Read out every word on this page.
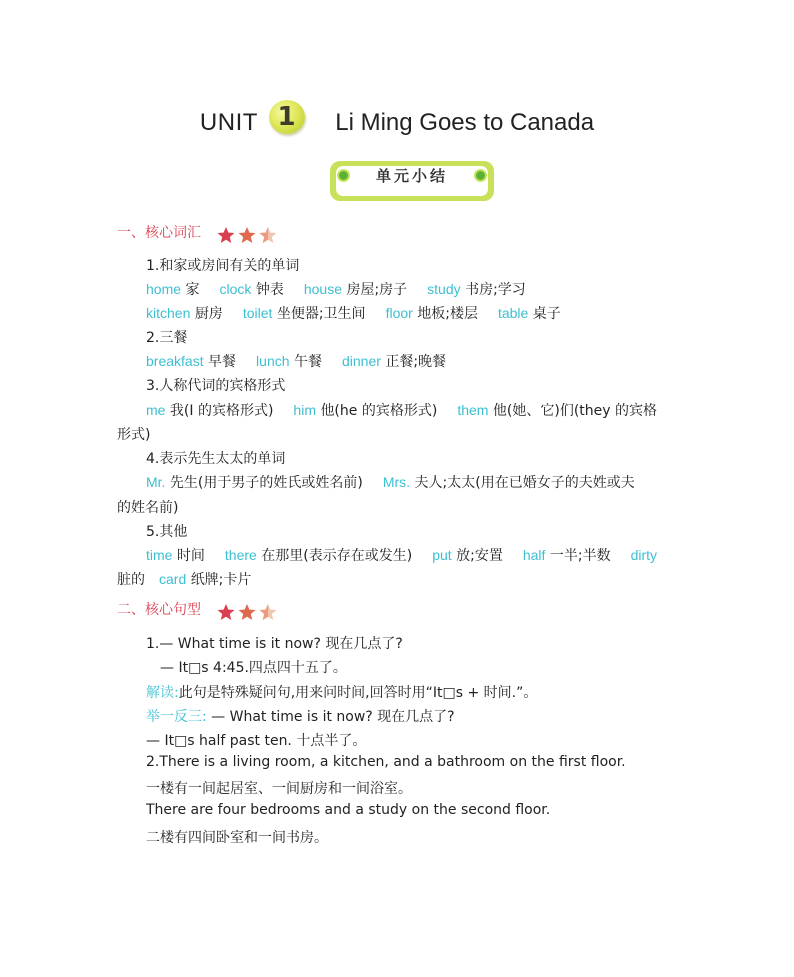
UNIT 1	Li Ming Goes to Canada
单元小结
一、核心词汇
1.和家或房间有关的单词
home 家 clock 钟表 house 房屋;房子 study 书房;学习
kitchen 厨房 toilet 坐便器;卫生间 floor 地板;楼层 table 桌子
2.三餐
breakfast 早餐 lunch 午餐 dinner 正餐;晚餐
3.人称代词的宾格形式
me 我(I 的宾格形式) him 他(he 的宾格形式) them 他(她、它)们(they 的宾格
形式)
4.表示先生太太的单词
Mr. 先生(用于男子的姓氏或姓名前) Mrs. 夫人;太太(用在已婚女子的夫姓或夫
的姓名前)
5.其他
time 时间 there 在那里(表示存在或发生) put 放;安置 half 一半;半数 dirty
脏的 card 纸牌;卡片
二、核心句型
1.— What time is it now? 现在几点了?
— It□s 4:45.四点四十五了。
解读:此句是特殊疑问句,用来问时间,回答时用“It□s + 时间.”。
举一反三: — What time is it now? 现在几点了?
— It□s half past ten. 十点半了。
2.There is a living room, a kitchen, and a bathroom on the first floor.
一楼有一间起居室、一间厨房和一间浴室。
There are four bedrooms and a study on the second floor.
二楼有四间卧室和一间书房。
